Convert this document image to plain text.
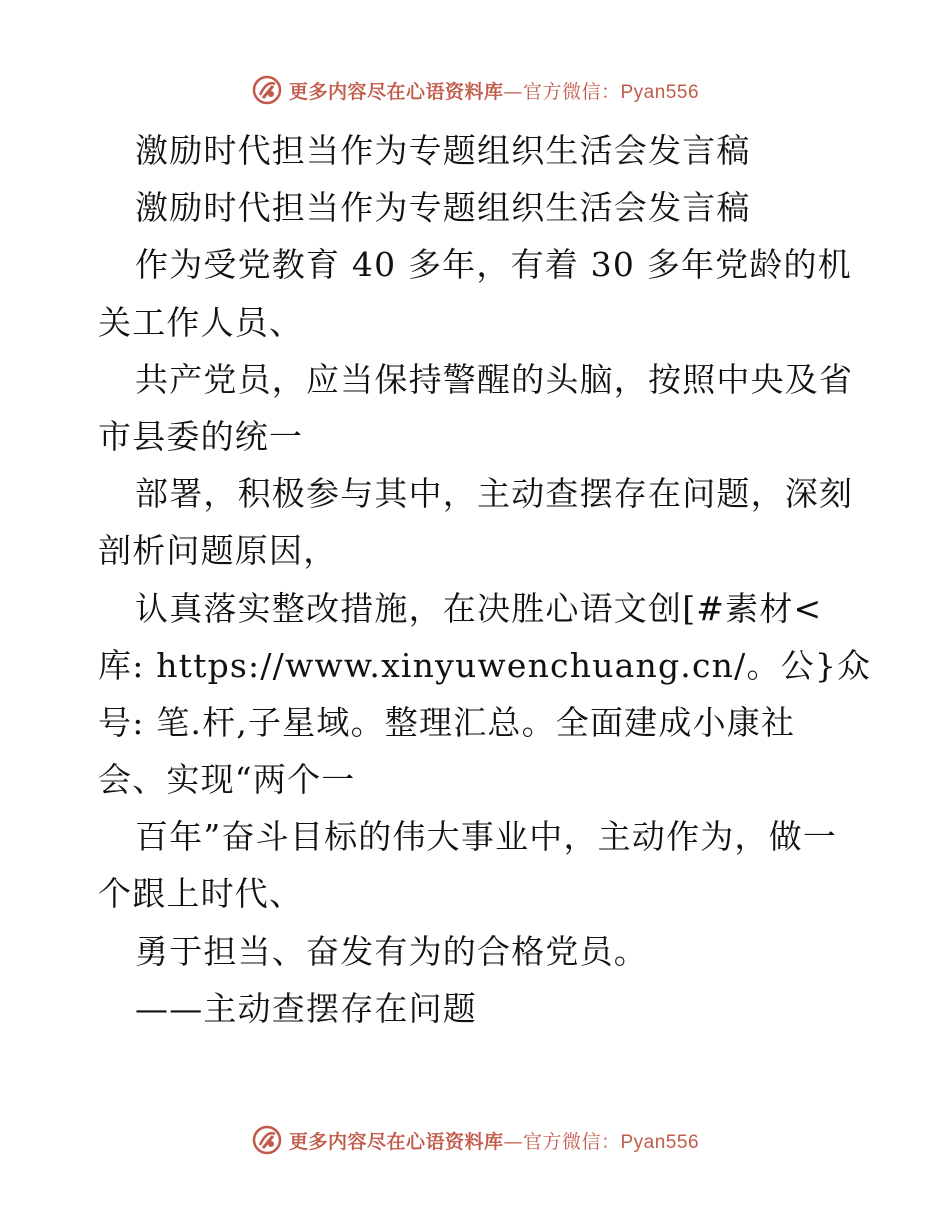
更多内容尽在心语资料库—官方微信：Pyan556
激励时代担当作为专题组织生活会发言稿
激励时代担当作为专题组织生活会发言稿
作为受党教育 40 多年，有着 30 多年党龄的机
关工作人员、
共产党员，应当保持警醒的头脑，按照中央及省
市县委的统一
部署，积极参与其中，主动查摆存在问题，深刻
剖析问题原因，
认真落实整改措施，在决胜心语文创[#素材<
库: https://www.xinyuwenchuang.cn/。公}众
号: 笔.杆,子星域。整理汇总。全面建成小康社
会、实现“两个一
百年”奋斗目标的伟大事业中，主动作为，做一
个跟上时代、
勇于担当、奋发有为的合格党员。
——主动查摆存在问题
更多内容尽在心语资料库—官方微信：Pyan556
